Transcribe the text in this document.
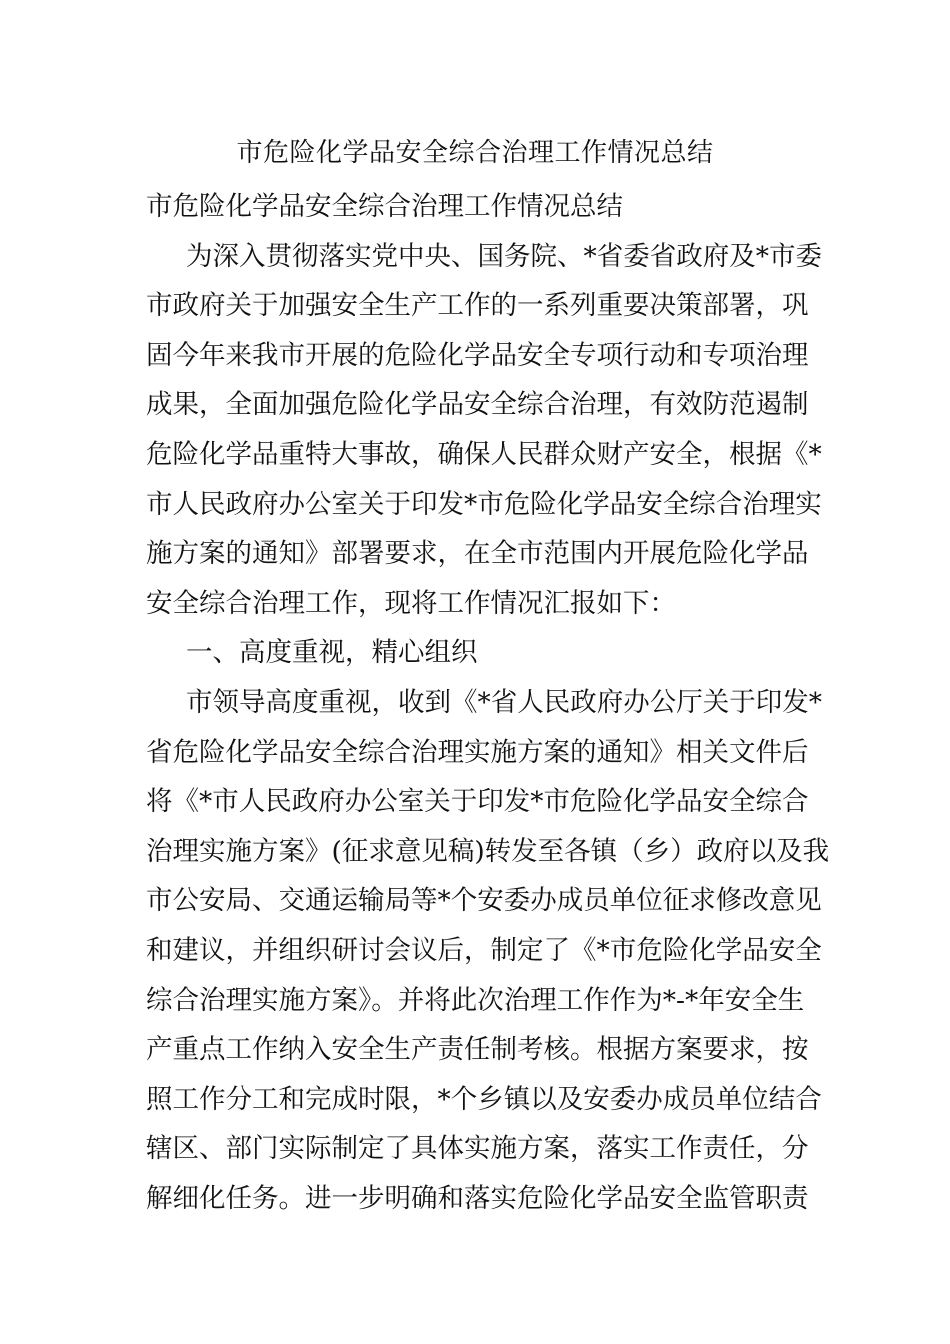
市危险化学品安全综合治理工作情况总结
市危险化学品安全综合治理工作情况总结
为深入贯彻落实党中央、国务院、*省委省政府及*市委
市政府关于加强安全生产工作的一系列重要决策部署，巩
固今年来我市开展的危险化学品安全专项行动和专项治理
成果，全面加强危险化学品安全综合治理，有效防范遏制
危险化学品重特大事故，确保人民群众财产安全，根据《*
市人民政府办公室关于印发*市危险化学品安全综合治理实
施方案的通知》部署要求，在全市范围内开展危险化学品
安全综合治理工作，现将工作情况汇报如下：
一、高度重视，精心组织
市领导高度重视，收到《*省人民政府办公厅关于印发*
省危险化学品安全综合治理实施方案的通知》相关文件后
将《*市人民政府办公室关于印发*市危险化学品安全综合
治理实施方案》(征求意见稿)转发至各镇（乡）政府以及我
市公安局、交通运输局等*个安委办成员单位征求修改意见
和建议，并组织研讨会议后，制定了《*市危险化学品安全
综合治理实施方案》。并将此次治理工作作为*-*年安全生
产重点工作纳入安全生产责任制考核。根据方案要求，按
照工作分工和完成时限，*个乡镇以及安委办成员单位结合
辖区、部门实际制定了具体实施方案，落实工作责任，分
解细化任务。进一步明确和落实危险化学品安全监管职责
